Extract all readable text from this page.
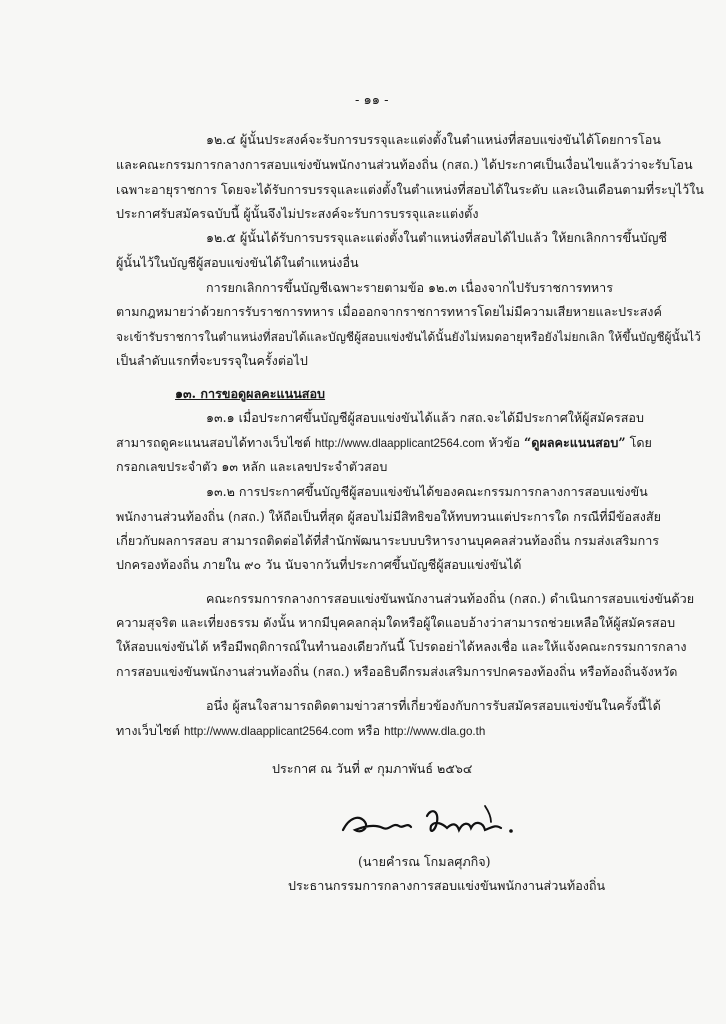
- ๑๑ -
๑๒.๔ ผู้นั้นประสงค์จะรับการบรรจุและแต่งตั้งในตำแหน่งที่สอบแข่งขันได้โดยการโอน
และคณะกรรมการกลางการสอบแข่งขันพนักงานส่วนท้องถิ่น (กสถ.) ได้ประกาศเป็นเงื่อนไขแล้วว่าจะรับโอน
เฉพาะอายุราชการ โดยจะได้รับการบรรจุและแต่งตั้งในตำแหน่งที่สอบได้ในระดับ และเงินเดือนตามที่ระบุไว้ใน
ประกาศรับสมัครฉบับนี้ ผู้นั้นจึงไม่ประสงค์จะรับการบรรจุและแต่งตั้ง
๑๒.๕ ผู้นั้นได้รับการบรรจุและแต่งตั้งในตำแหน่งที่สอบได้ไปแล้ว ให้ยกเลิกการขึ้นบัญชี
ผู้นั้นไว้ในบัญชีผู้สอบแข่งขันได้ในตำแหน่งอื่น
การยกเลิกการขึ้นบัญชีเฉพาะรายตามข้อ ๑๒.๓ เนื่องจากไปรับราชการทหาร
ตามกฎหมายว่าด้วยการรับราชการทหาร เมื่อออกจากราชการทหารโดยไม่มีความเสียหายและประสงค์
จะเข้ารับราชการในตำแหน่งที่สอบได้และบัญชีผู้สอบแข่งขันได้นั้นยังไม่หมดอายุหรือยังไม่ยกเลิก ให้ขึ้นบัญชีผู้นั้นไว้
เป็นลำดับแรกที่จะบรรจุในครั้งต่อไป
๑๓. การขอดูผลคะแนนสอบ
๑๓.๑ เมื่อประกาศขึ้นบัญชีผู้สอบแข่งขันได้แล้ว กสถ.จะได้มีประกาศให้ผู้สมัครสอบ
สามารถดูคะแนนสอบได้ทางเว็บไซต์ http://www.dlaapplicant2564.com หัวข้อ “ดูผลคะแนนสอบ” โดย
กรอกเลขประจำตัว ๑๓ หลัก และเลขประจำตัวสอบ
๑๓.๒ การประกาศขึ้นบัญชีผู้สอบแข่งขันได้ของคณะกรรมการกลางการสอบแข่งขัน
พนักงานส่วนท้องถิ่น (กสถ.) ให้ถือเป็นที่สุด ผู้สอบไม่มีสิทธิขอให้ทบทวนแต่ประการใด กรณีที่มีข้อสงสัย
เกี่ยวกับผลการสอบ สามารถติดต่อได้ที่สำนักพัฒนาระบบบริหารงานบุคคลส่วนท้องถิ่น กรมส่งเสริมการ
ปกครองท้องถิ่น ภายใน ๙๐ วัน นับจากวันที่ประกาศขึ้นบัญชีผู้สอบแข่งขันได้
คณะกรรมการกลางการสอบแข่งขันพนักงานส่วนท้องถิ่น (กสถ.) ดำเนินการสอบแข่งขันด้วย
ความสุจริต และเที่ยงธรรม ดังนั้น หากมีบุคคลกลุ่มใดหรือผู้ใดแอบอ้างว่าสามารถช่วยเหลือให้ผู้สมัครสอบ
ให้สอบแข่งขันได้ หรือมีพฤติการณ์ในทำนองเดียวกันนี้ โปรดอย่าได้หลงเชื่อ และให้แจ้งคณะกรรมการกลาง
การสอบแข่งขันพนักงานส่วนท้องถิ่น (กสถ.) หรืออธิบดีกรมส่งเสริมการปกครองท้องถิ่น หรือท้องถิ่นจังหวัด
อนึ่ง ผู้สนใจสามารถติดตามข่าวสารที่เกี่ยวข้องกับการรับสมัครสอบแข่งขันในครั้งนี้ได้
ทางเว็บไซต์ http://www.dlaapplicant2564.com หรือ http://www.dla.go.th
ประกาศ ณ วันที่ ๙ กุมภาพันธ์ ๒๕๖๔
(นายคำรณ โกมลศุภกิจ)
ประธานกรรมการกลางการสอบแข่งขันพนักงานส่วนท้องถิ่น
